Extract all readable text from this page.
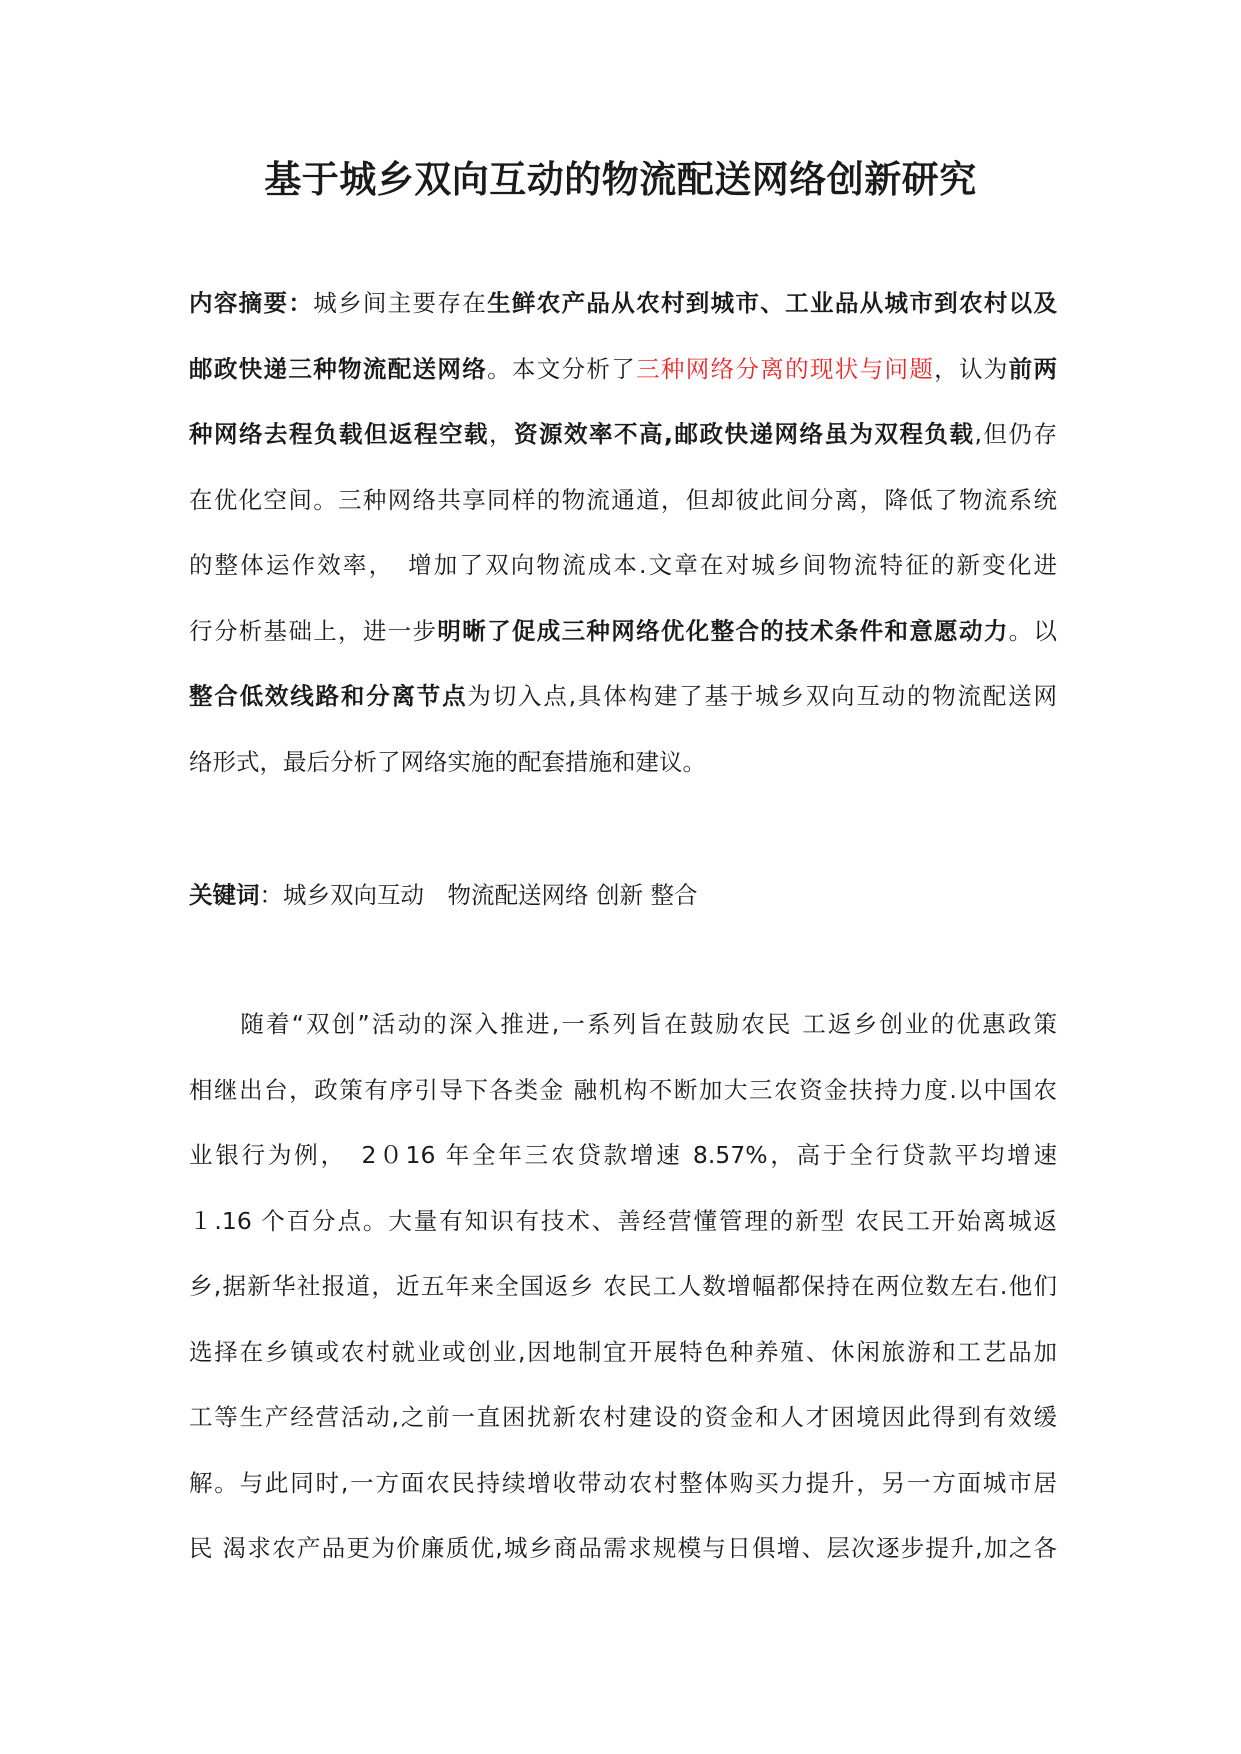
基于城乡双向互动的物流配送网络创新研究
内容摘要：城乡间主要存在生鲜农产品从农村到城市、工业品从城市到农村以及
邮政快递三种物流配送网络。本文分析了三种网络分离的现状与问题，认为前两
种网络去程负载但返程空载，资源效率不高,邮政快递网络虽为双程负载,但仍存
在优化空间。三种网络共享同样的物流通道，但却彼此间分离，降低了物流系统
的整体运作效率，　增加了双向物流成本.文章在对城乡间物流特征的新变化进
行分析基础上，进一步明晰了促成三种网络优化整合的技术条件和意愿动力。以
整合低效线路和分离节点为切入点,具体构建了基于城乡双向互动的物流配送网
络形式，最后分析了网络实施的配套措施和建议。
关键词：城乡双向互动　物流配送网络 创新 整合
　　随着“双创”活动的深入推进,一系列旨在鼓励农民 工返乡创业的优惠政策
相继出台，政策有序引导下各类金 融机构不断加大三农资金扶持力度.以中国农
业银行为例，　2０16 年全年三农贷款增速 8.57%，高于全行贷款平均增速
１.16 个百分点。大量有知识有技术、善经营懂管理的新型 农民工开始离城返
乡,据新华社报道，近五年来全国返乡 农民工人数增幅都保持在两位数左右.他们
选择在乡镇或农村就业或创业,因地制宜开展特色种养殖、休闲旅游和工艺品加
工等生产经营活动,之前一直困扰新农村建设的资金和人才困境因此得到有效缓
解。与此同时,一方面农民持续增收带动农村整体购买力提升，另一方面城市居
民 渴求农产品更为价廉质优,城乡商品需求规模与日俱增、层次逐步提升,加之各
